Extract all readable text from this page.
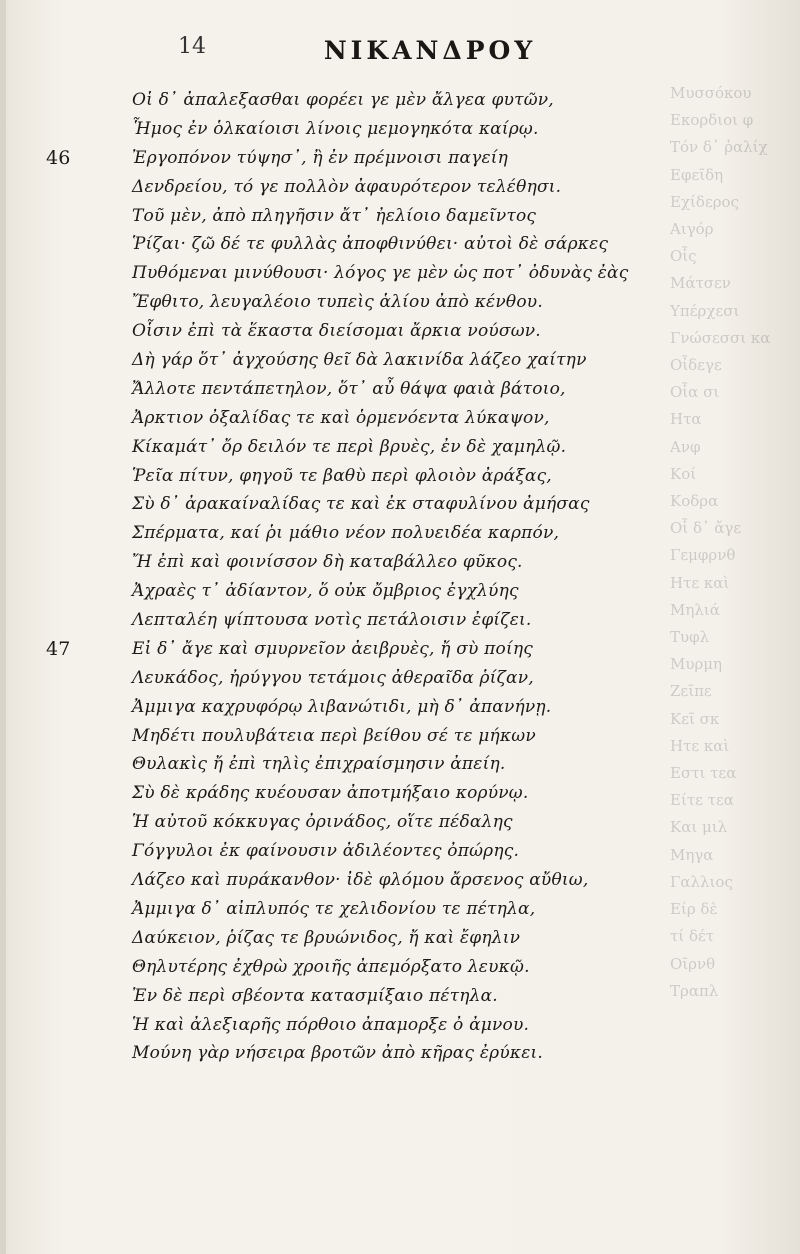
Μυσσόκου
Εκορδιοι φ
Τόν δ᾽ ῥαλίχ
Εφεῖδη
Εχίδερος
Αιγόρ
Οἶς
Μάτσεν
Υπέρχεσι
Γνώσεσσι κα
Οἶδεγε
Οἷα σι
Ητα
Ανφ
Κοί
Κοδρα
Οἶ δ᾽ ἄγε
Γεμφρνθ
Ητε καὶ
Μηλιά
Τυφλ
Μυρμη
Ζεῖπε
Κεῖ σκ
Ητε καὶ
Εστι τεα
Είτε τεα
Και μιλ
Μηγα
Γαλλιος
Είρ δὲ
τί δέτ
Οῖρνθ
Τραπλ
14	ΝΙΚΑΝΔΡΟΥ
Οἱ δ᾽ ἀπαλεξασθαι φορέει γε μὲν ἄλγεα φυτῶν,
Ἧμος ἐν ὁλκαίοισι λίνοις μεμογηκότα καίρῳ.
46	Ἐργοπόνον τύψησ᾽, ἢ ἐν πρέμνοισι παγείη
Δενδρείου, τό γε πολλὸν ἀφαυρότερον τελέθησι.
Τοῦ μὲν, ἀπὸ πληγῆσιν ἄτ᾽ ἠελίοιο δαμεῖντος
Ῥίζαι· ζῶ δέ τε φυλλὰς ἀποφθινύθει· αὐτοὶ δὲ σάρκες
Πυθόμεναι μινύθουσι· λόγος γε μὲν ὡς ποτ᾽ ὀδυνὰς ἐὰς
Ἔφθιτο, λευγαλέοιο τυπεὶς ἁλίου ἀπὸ κένθου.
Οἷσιν ἐπὶ τὰ ἕκαστα διείσομαι ἄρκια νούσων.
Δὴ γάρ ὅτ᾽ ἀγχούσης θεῖ δὰ λακινίδα λάζεο χαίτην
Ἄλλοτε πεντάπετηλον, ὅτ᾽ αὖ θάψα φαιὰ βάτοιο,
Ἀρκτιον ὀξαλίδας τε καὶ ὁρμενόεντα λύκαψον,
Κίκαμάτ᾽ ὄρ δειλόν τε περὶ βρυὲς, ἐν δὲ χαμηλῷ.
Ῥεῖα πίτυν, φηγοῦ τε βαθὺ περὶ φλοιὸν ἀράξας,
Σὺ δ᾽ ἀρακαίναλίδας τε καὶ ἐκ σταφυλίνου ἀμήσας
Σπέρματα, καί ῥι μάθιο νέον πολυειδέα καρπόν,
Ἤ ἐπὶ καὶ φοινίσσον δὴ καταβάλλεο φῦκος.
Ἀχραὲς τ᾽ ἀδίαντον, ὅ οὐκ ὄμβριος ἐγχλύης
Λεπταλέη ψίπτουσα νοτὶς πετάλοισιν ἐφίζει.
47	Εἰ δ᾽ ἄγε καὶ σμυρνεῖον ἀειβρυὲς, ἤ σὺ ποίης
Λευκάδος, ἠρύγγου τετάμοις ἀθεραῖδα ῥίζαν,
Ἀμμιγα καχρυφόρῳ λιβανώτιδι, μὴ δ᾽ ἀπανήνῃ.
Μηδέτι πουλυβάτεια περὶ βείθου σέ τε μήκων
Θυλακὶς ἤ ἐπὶ τηλὶς ἐπιχραίσμησιν ἀπείη.
Σὺ δὲ κράδης κυέουσαν ἀποτμήξαιο κορύνῳ.
Ἡ αὐτοῦ κόκκυγας ὀρινάδος, οἵτε πέδαλης
Γόγγυλοι ἐκ φαίνουσιν ἀδιλέοντες ὀπώρης.
Λάζεο καὶ πυράκανθον· ἰδὲ φλόμου ἄρσενος αὔθιω,
Ἀμμιγα δ᾽ αἰπλυπός τε χελιδονίου τε πέτηλα,
Δαύκειον, ῥίζας τε βρυώνιδος, ἤ καὶ ἔφηλιν
Θηλυτέρης ἐχθρὼ χροιῆς ἀπεμόρξατο λευκῷ.
Ἐν δὲ περὶ σβέοντα κατασμίξαιο πέτηλα.
Ἡ καὶ ἀλεξιαρῆς πόρθοιο ἀπαμορξε ὀ ἀμνου.
Μούνη γὰρ νήσειρα βροτῶν ἀπὸ κῆρας ἐρύκει.
